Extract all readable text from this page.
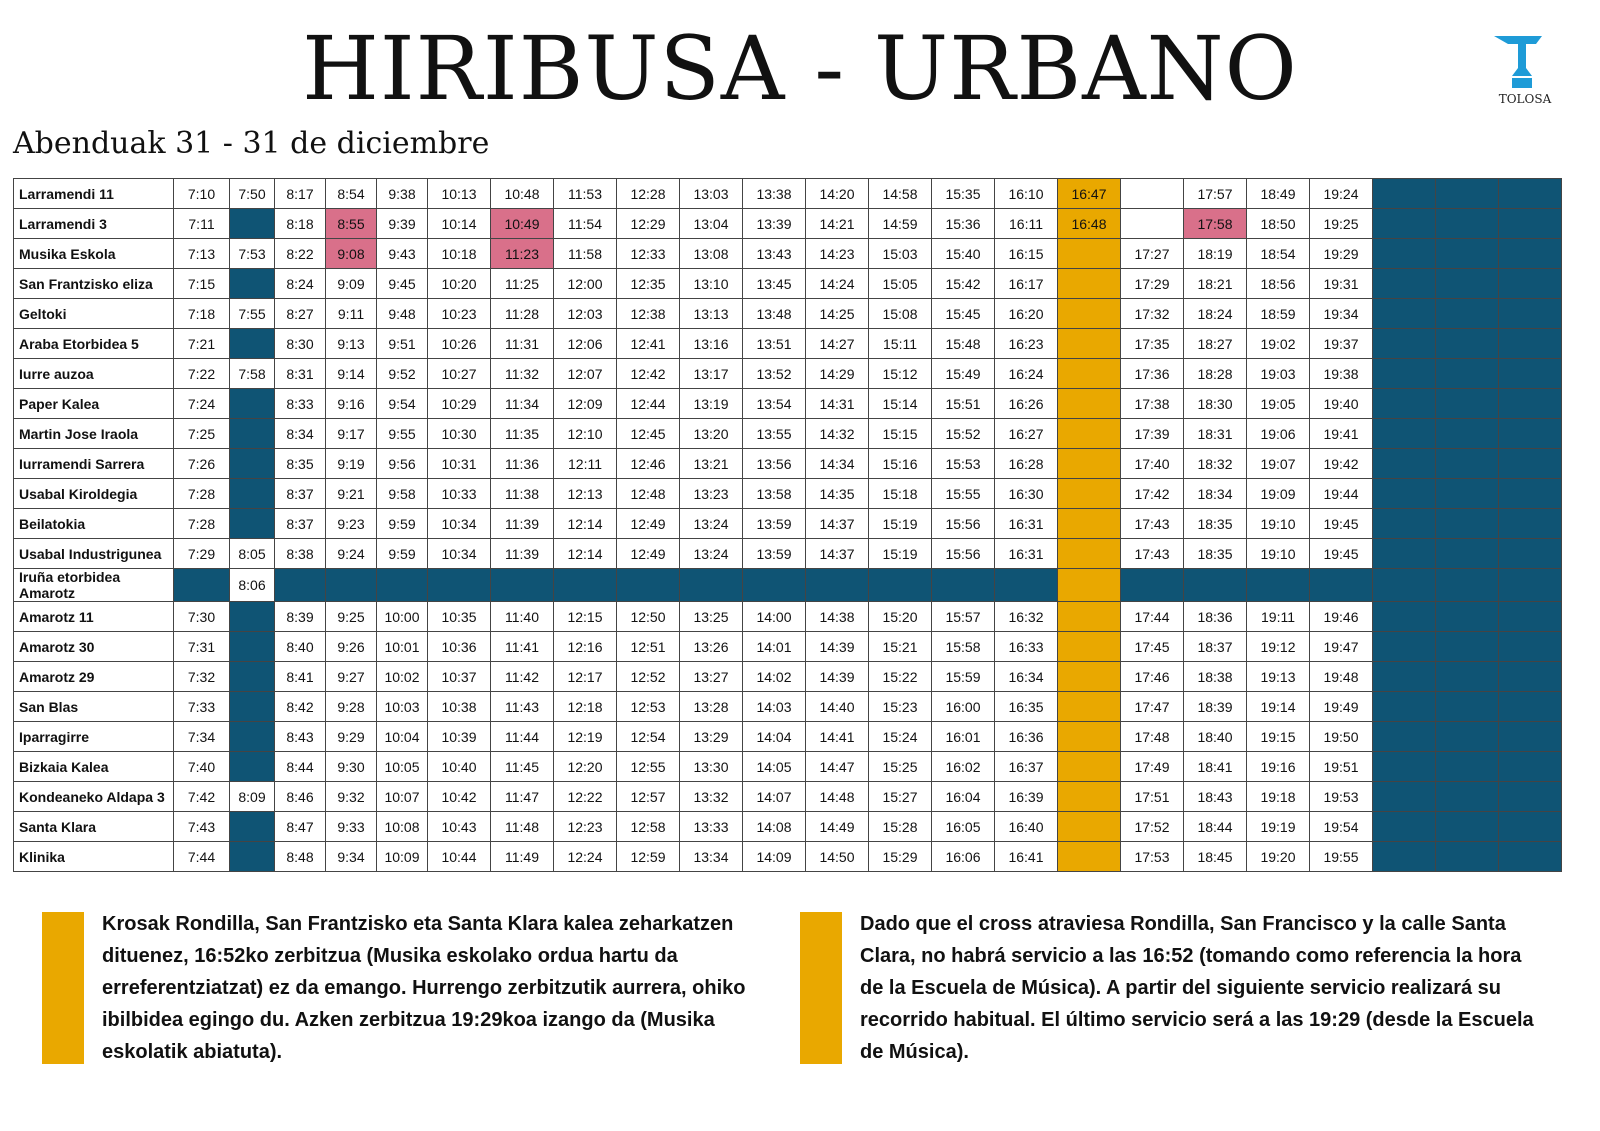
HIRIBUSA - URBANO	TOLOSA
Abenduak 31 - 31 de diciembre
Larramendi 11	7:10	7:50	8:17	8:54	9:38	10:13	10:48	11:53	12:28	13:03	13:38	14:20	14:58	15:35	16:10	16:47		17:57	18:49	19:24			
Larramendi 3	7:11		8:18	8:55	9:39	10:14	10:49	11:54	12:29	13:04	13:39	14:21	14:59	15:36	16:11	16:48		17:58	18:50	19:25			
Musika Eskola	7:13	7:53	8:22	9:08	9:43	10:18	11:23	11:58	12:33	13:08	13:43	14:23	15:03	15:40	16:15		17:27	18:19	18:54	19:29			
San Frantzisko eliza	7:15		8:24	9:09	9:45	10:20	11:25	12:00	12:35	13:10	13:45	14:24	15:05	15:42	16:17		17:29	18:21	18:56	19:31			
Geltoki	7:18	7:55	8:27	9:11	9:48	10:23	11:28	12:03	12:38	13:13	13:48	14:25	15:08	15:45	16:20		17:32	18:24	18:59	19:34			
Araba Etorbidea 5	7:21		8:30	9:13	9:51	10:26	11:31	12:06	12:41	13:16	13:51	14:27	15:11	15:48	16:23		17:35	18:27	19:02	19:37			
Iurre auzoa	7:22	7:58	8:31	9:14	9:52	10:27	11:32	12:07	12:42	13:17	13:52	14:29	15:12	15:49	16:24		17:36	18:28	19:03	19:38			
Paper Kalea	7:24		8:33	9:16	9:54	10:29	11:34	12:09	12:44	13:19	13:54	14:31	15:14	15:51	16:26		17:38	18:30	19:05	19:40			
Martin Jose Iraola	7:25		8:34	9:17	9:55	10:30	11:35	12:10	12:45	13:20	13:55	14:32	15:15	15:52	16:27		17:39	18:31	19:06	19:41			
Iurramendi Sarrera	7:26		8:35	9:19	9:56	10:31	11:36	12:11	12:46	13:21	13:56	14:34	15:16	15:53	16:28		17:40	18:32	19:07	19:42			
Usabal Kiroldegia	7:28		8:37	9:21	9:58	10:33	11:38	12:13	12:48	13:23	13:58	14:35	15:18	15:55	16:30		17:42	18:34	19:09	19:44			
Beilatokia	7:28		8:37	9:23	9:59	10:34	11:39	12:14	12:49	13:24	13:59	14:37	15:19	15:56	16:31		17:43	18:35	19:10	19:45			
Usabal Industrigunea	7:29	8:05	8:38	9:24	9:59	10:34	11:39	12:14	12:49	13:24	13:59	14:37	15:19	15:56	16:31		17:43	18:35	19:10	19:45			
Iruña etorbidea Amarotz		8:06																					
Amarotz 11	7:30		8:39	9:25	10:00	10:35	11:40	12:15	12:50	13:25	14:00	14:38	15:20	15:57	16:32		17:44	18:36	19:11	19:46			
Amarotz 30	7:31		8:40	9:26	10:01	10:36	11:41	12:16	12:51	13:26	14:01	14:39	15:21	15:58	16:33		17:45	18:37	19:12	19:47			
Amarotz 29	7:32		8:41	9:27	10:02	10:37	11:42	12:17	12:52	13:27	14:02	14:39	15:22	15:59	16:34		17:46	18:38	19:13	19:48			
San Blas	7:33		8:42	9:28	10:03	10:38	11:43	12:18	12:53	13:28	14:03	14:40	15:23	16:00	16:35		17:47	18:39	19:14	19:49			
Iparragirre	7:34		8:43	9:29	10:04	10:39	11:44	12:19	12:54	13:29	14:04	14:41	15:24	16:01	16:36		17:48	18:40	19:15	19:50			
Bizkaia Kalea	7:40		8:44	9:30	10:05	10:40	11:45	12:20	12:55	13:30	14:05	14:47	15:25	16:02	16:37		17:49	18:41	19:16	19:51			
Kondeaneko Aldapa 3	7:42	8:09	8:46	9:32	10:07	10:42	11:47	12:22	12:57	13:32	14:07	14:48	15:27	16:04	16:39		17:51	18:43	19:18	19:53			
Santa Klara	7:43		8:47	9:33	10:08	10:43	11:48	12:23	12:58	13:33	14:08	14:49	15:28	16:05	16:40		17:52	18:44	19:19	19:54			
Klinika	7:44		8:48	9:34	10:09	10:44	11:49	12:24	12:59	13:34	14:09	14:50	15:29	16:06	16:41		17:53	18:45	19:20	19:55			
Krosak Rondilla, San Frantzisko eta Santa Klara kalea zeharkatzen dituenez, 16:52ko zerbitzua (Musika eskolako ordua hartu da erreferentziatzat) ez da emango. Hurrengo zerbitzutik aurrera, ohiko ibilbidea egingo du. Azken zerbitzua 19:29koa izango da (Musika eskolatik abiatuta).
Dado que el cross atraviesa Rondilla, San Francisco y la calle Santa Clara, no habrá servicio a las 16:52 (tomando como referencia la hora de la Escuela de Música). A partir del siguiente servicio realizará su recorrido habitual. El último servicio será a las 19:29 (desde la Escuela de Música).
